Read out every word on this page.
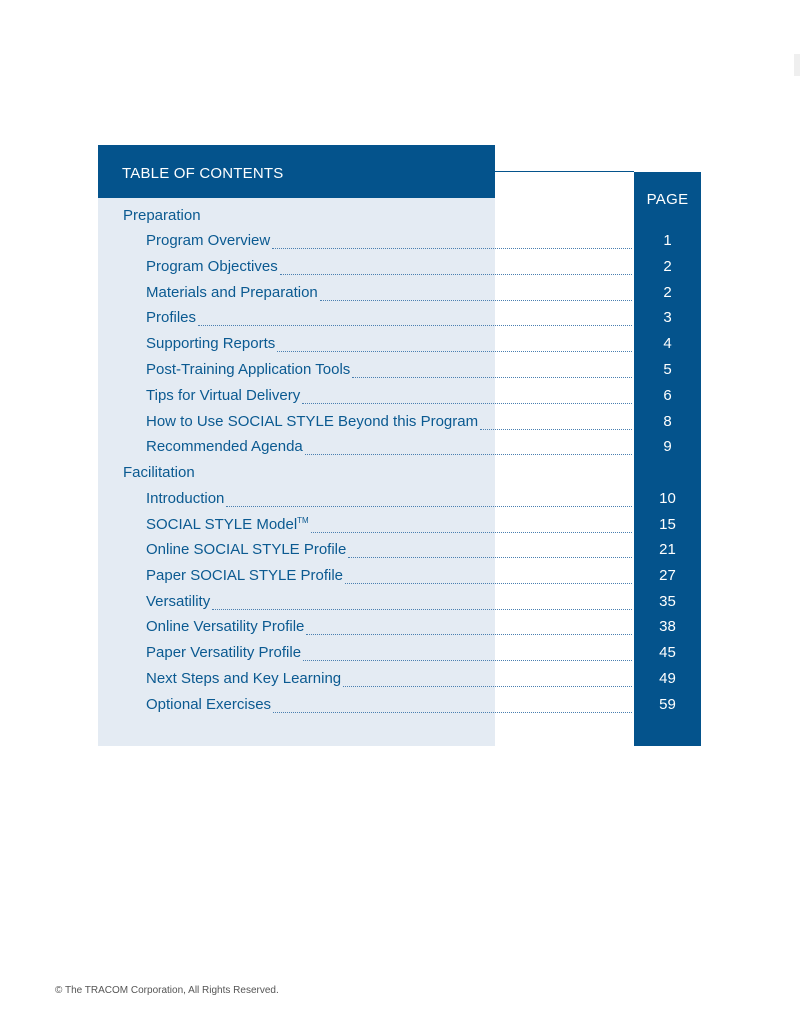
TABLE OF CONTENTS
PAGE
Preparation
Program Overview	1
Program Objectives	2
Materials and Preparation	2
Profiles	3
Supporting Reports	4
Post-Training Application Tools	5
Tips for Virtual Delivery	6
How to Use SOCIAL STYLE Beyond this Program	8
Recommended Agenda	9
Facilitation
Introduction	10
SOCIAL STYLE Model™	15
Online SOCIAL STYLE Profile	21
Paper SOCIAL STYLE Profile	27
Versatility	35
Online Versatility Profile	38
Paper Versatility Profile	45
Next Steps and Key Learning	49
Optional Exercises	59
© The TRACOM Corporation, All Rights Reserved.
